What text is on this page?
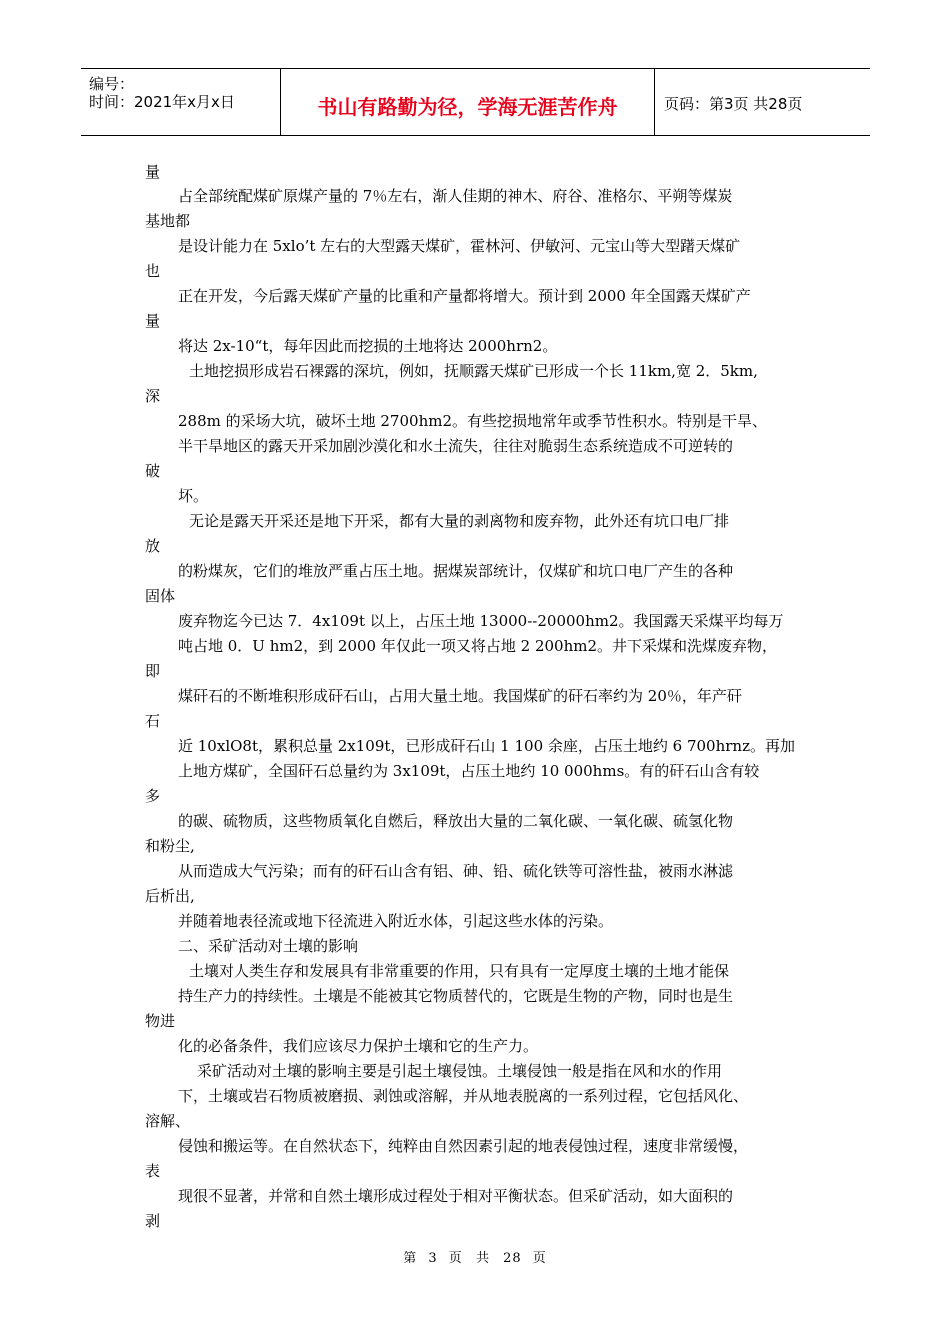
编号：
时间：2021年x月x日	书山有路勤为径，学海无涯苦作舟	页码：第3页 共28页
量
占全部统配煤矿原煤产量的 7％左右，渐人佳期的神木、府谷、准格尔、平朔等煤炭
基地都
是设计能力在 5xlo’t 左右的大型露天煤矿，霍林河、伊敏河、元宝山等大型躇天煤矿
也
正在开发，今后露天煤矿产量的比重和产量都将增大。预计到 2000 年全国露天煤矿产
量
将达 2x-10“t，每年因此而挖损的土地将达 2000hrn2。
土地挖损形成岩石裸露的深坑，例如，抚顺露天煤矿已形成一个长 11km,宽 2．5km,
深
288m 的采场大坑，破坏土地 2700hm2。有些挖损地常年或季节性积水。特别是干旱、
半干旱地区的露天开采加剧沙漠化和水土流失，往往对脆弱生态系统造成不可逆转的
破
坏。
无论是露天开采还是地下开采，都有大量的剥离物和废弃物，此外还有坑口电厂排
放
的粉煤灰，它们的堆放严重占压土地。据煤炭部统计，仅煤矿和坑口电厂产生的各种
固体
废弃物迄今已达 7．4x109t 以上，占压土地 13000--20000hm2。我国露天采煤平均每万
吨占地 0．U hm2，到 2000 年仅此一项又将占地 2 200hm2。井下采煤和洗煤废弃物，
即
煤矸石的不断堆积形成矸石山，占用大量土地。我国煤矿的矸石率约为 20％，年产矸
石
近 10xlO8t，累积总量 2x109t，已形成矸石山 1 100 余座，占压土地约 6 700hrnz。再加
上地方煤矿，全国矸石总量约为 3x109t，占压土地约 10 000hms。有的矸石山含有较
多
的碳、硫物质，这些物质氧化自燃后，释放出大量的二氧化碳、一氧化碳、硫氢化物
和粉尘,
从而造成大气污染；而有的矸石山含有铝、砷、铅、硫化铁等可溶性盐，被雨水淋滤
后析出,
并随着地表径流或地下径流进入附近水体，引起这些水体的污染。
二、采矿活动对土壤的影响
土壤对人类生存和发展具有非常重要的作用，只有具有一定厚度土壤的土地才能保
持生产力的持续性。土壤是不能被其它物质替代的，它既是生物的产物，同时也是生
物进
化的必备条件，我们应该尽力保护土壤和它的生产力。
采矿活动对土壤的影响主要是引起土壤侵蚀。土壤侵蚀一般是指在风和水的作用
下，土壤或岩石物质被磨损、剥蚀或溶解，并从地表脱离的一系列过程，它包括风化、
溶解、
侵蚀和搬运等。在自然状态下，纯粹由自然因素引起的地表侵蚀过程，速度非常缓慢，
表
现很不显著，并常和自然土壤形成过程处于相对平衡状态。但采矿活动，如大面积的
剥
第 3 页 共 28 页
